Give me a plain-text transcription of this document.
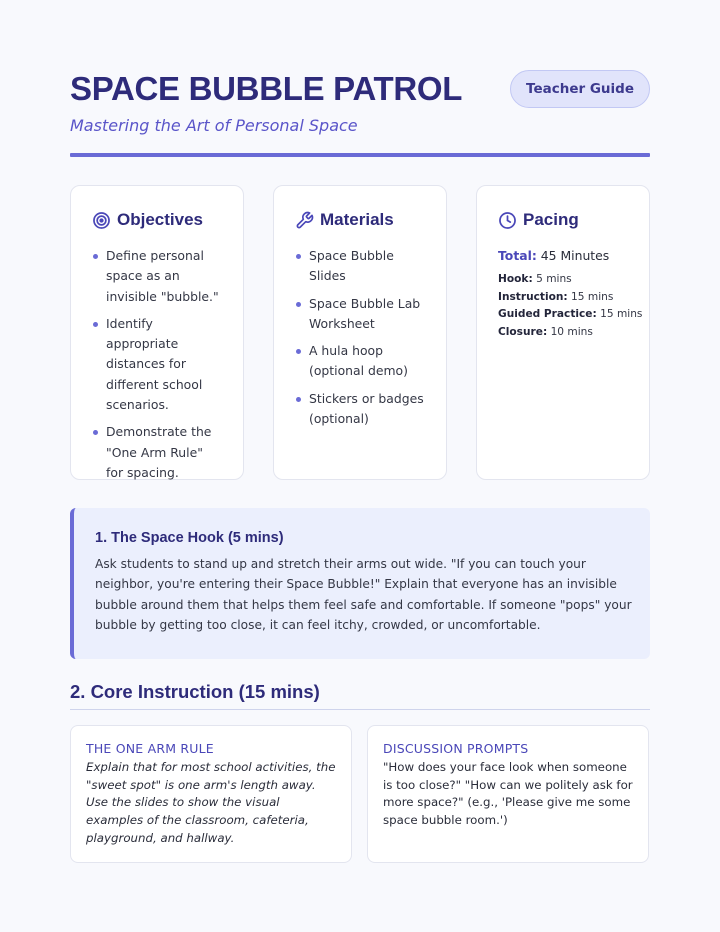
SPACE BUBBLE PATROL
Mastering the Art of Personal Space
Teacher Guide
Objectives
Define personal space as an invisible "bubble."
Identify appropriate distances for different school scenarios.
Demonstrate the "One Arm Rule" for spacing.
Materials
Space Bubble Slides
Space Bubble Lab Worksheet
A hula hoop (optional demo)
Stickers or badges (optional)
Pacing
Total: 45 Minutes
Hook: 5 mins
Instruction: 15 mins
Guided Practice: 15 mins
Closure: 10 mins
1. The Space Hook (5 mins)

Ask students to stand up and stretch their arms out wide. "If you can touch your neighbor, you're entering their Space Bubble!" Explain that everyone has an invisible bubble around them that helps them feel safe and comfortable. If someone "pops" your bubble by getting too close, it can feel itchy, crowded, or uncomfortable.

2. Core Instruction (15 mins)
THE ONE ARM RULE

Explain that for most school activities, the "sweet spot" is one arm's length away. Use the slides to show the visual examples of the classroom, cafeteria, playground, and hallway.

DISCUSSION PROMPTS

"How does your face look when someone is too close?" "How can we politely ask for more space?" (e.g., 'Please give me some space bubble room.')
